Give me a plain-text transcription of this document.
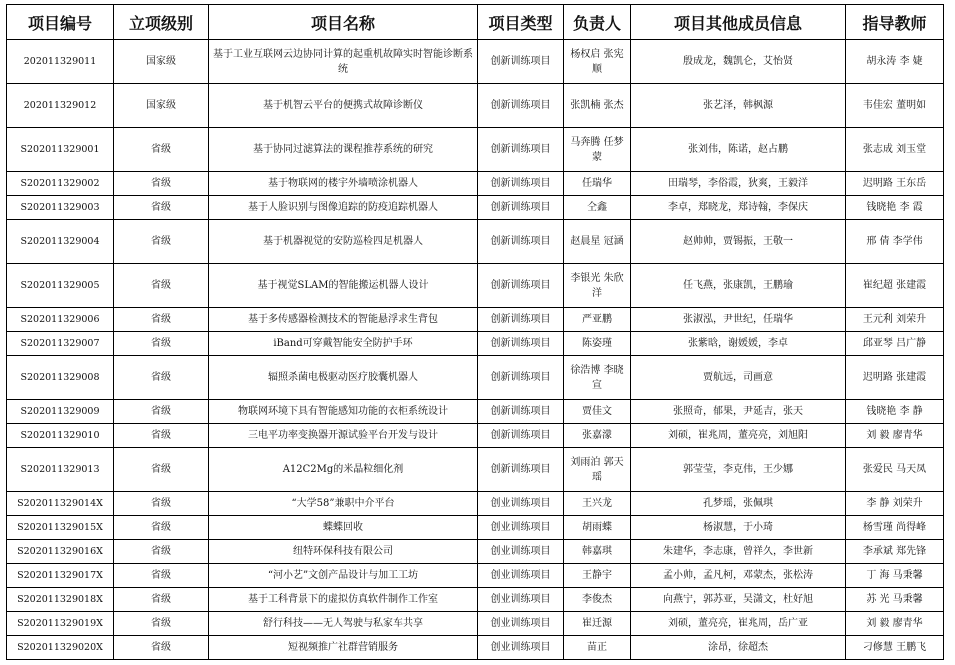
项目编号	立项级别	项目名称	项目类型	负责人	项目其他成员信息	指导教师
202011329011	国家级	基于工业互联网云边协同计算的起重机故障实时智能诊断系统	创新训练项目	杨权启 张宪顺	殷成龙，魏凯仑，艾怡贤	胡永涛 李 婕
202011329012	国家级	基于机智云平台的便携式故障诊断仪	创新训练项目	张凯楠 张杰	张艺泽，韩枫源	韦佳宏 董明如
S202011329001	省级	基于协同过滤算法的课程推荐系统的研究	创新训练项目	马奔腾 任梦蒙	张刘伟，陈诺，赵占鹏	张志成 刘玉堂
S202011329002	省级	基于物联网的楼宇外墙喷涂机器人	创新训练项目	任瑞华	田瑞琴，李俗霞，狄爽，王毅洋	迟明路 王东岳
S202011329003	省级	基于人脸识别与图像追踪的防疫追踪机器人	创新训练项目	仝鑫	李卓，郑晓龙，郑诗翰，李保庆	钱晓艳 李 霞
S202011329004	省级	基于机器视觉的安防巡检四足机器人	创新训练项目	赵晨星 冠涵	赵帅帅，贾锡振，王敬一	邢 倩 李学伟
S202011329005	省级	基于视觉SLAM的智能搬运机器人设计	创新训练项目	李银光 朱欣洋	任飞燕，张康凯，王鹏瑜	崔纪超 张建霞
S202011329006	省级	基于多传感器检测技术的智能悬浮求生背包	创新训练项目	严亚鹏	张淑泓，尹世纪，任瑞华	王元利 刘荣升
S202011329007	省级	iBand可穿戴智能安全防护手环	创新训练项目	陈姿瑾	张紫晗，谢媛媛，李卓	邱亚琴 吕广静
S202011329008	省级	辐照杀菌电极驱动医疗胶囊机器人	创新训练项目	徐浩博 李晓宣	贾航远，司画意	迟明路 张建霞
S202011329009	省级	物联网环境下具有智能感知功能的衣柜系统设计	创新训练项目	贾佳文	张照奇，郁果，尹延吉，张天	钱晓艳 李 静
S202011329010	省级	三电平功率变换器开源试验平台开发与设计	创新训练项目	张嘉濛	刘硕，崔兆周，董亮亮，刘旭阳	刘 毅 廖青华
S202011329013	省级	A12C2Mg的米晶粒细化剂	创新训练项目	刘雨泊 郭天瑶	郭莹莹，李克伟，王少娜	张爱民 马天凤
S202011329014X	省级	“大学58”兼职中介平台	创业训练项目	王兴龙	孔梦瑶，张佩琪	李 静 刘荣升
S202011329015X	省级	蝶蝶回收	创业训练项目	胡雨蝶	杨淑慧，于小琦	杨雪瑾 尚得峰
S202011329016X	省级	纽特环保科技有限公司	创业训练项目	韩嘉琪	朱建华，李志康，曾祥久，李世新	李承斌 郑先锋
S202011329017X	省级	“河小艺”文创产品设计与加工工坊	创业训练项目	王静宇	孟小帅，孟凡柯，邓蒙杰，张松涛	丁 海 马秉馨
S202011329018X	省级	基于工科背景下的虚拟仿真软件制作工作室	创业训练项目	李俊杰	向燕宁，郭苏亚，吴潇文，杜好旭	苏 光 马秉馨
S202011329019X	省级	舒行科技——无人驾驶与私家车共享	创业训练项目	崔迁源	刘硕，董亮亮，崔兆周，岳广亚	刘 毅 廖青华
S202011329020X	省级	短视频推广社群营销服务	创业训练项目	苗正	涂昂，徐超杰	刁修慧 王鹏飞
